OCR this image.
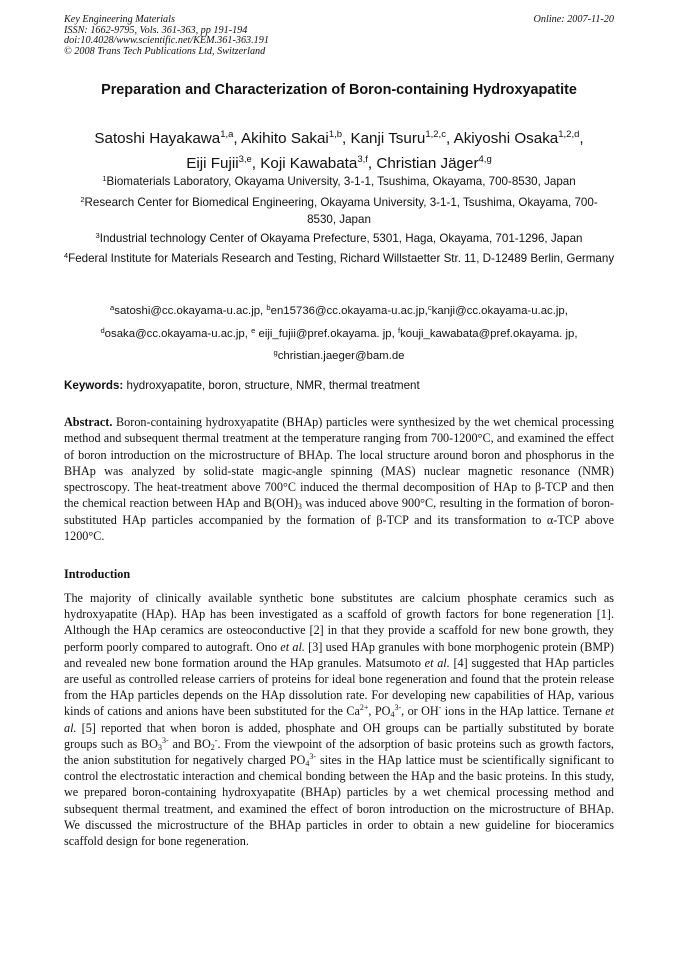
Key Engineering Materials
ISSN: 1662-9795, Vols. 361-363, pp 191-194
doi:10.4028/www.scientific.net/KEM.361-363.191
© 2008 Trans Tech Publications Ltd, Switzerland
Online: 2007-11-20
Preparation and Characterization of Boron-containing Hydroxyapatite
Satoshi Hayakawa$^{1,a}$, Akihito Sakai$^{1,b}$, Kanji Tsuru$^{1,2,c}$, Akiyoshi Osaka$^{1,2,d}$,
Eiji Fujii$^{3,e}$, Koji Kawabata$^{3,f}$, Christian Jäger$^{4,g}$
$^1$Biomaterials Laboratory, Okayama University, 3-1-1, Tsushima, Okayama, 700-8530, Japan
$^2$Research Center for Biomedical Engineering, Okayama University, 3-1-1, Tsushima, Okayama, 700-8530, Japan
$^3$Industrial technology Center of Okayama Prefecture, 5301, Haga, Okayama, 701-1296, Japan
$^4$Federal Institute for Materials Research and Testing, Richard Willstaetter Str. 11, D-12489 Berlin, Germany
$^a$satoshi@cc.okayama-u.ac.jp, $^b$en15736@cc.okayama-u.ac.jp,$^c$kanji@cc.okayama-u.ac.jp,
$^d$osaka@cc.okayama-u.ac.jp, $^e$ eiji_fujii@pref.okayama. jp, $^f$kouji_kawabata@pref.okayama. jp,
$^g$christian.jaeger@bam.de
Keywords: hydroxyapatite, boron, structure, NMR, thermal treatment
Abstract. Boron-containing hydroxyapatite (BHAp) particles were synthesized by the wet chemical processing method and subsequent thermal treatment at the temperature ranging from 700-1200°C, and examined the effect of boron introduction on the microstructure of BHAp. The local structure around boron and phosphorus in the BHAp was analyzed by solid-state magic-angle spinning (MAS) nuclear magnetic resonance (NMR) spectroscopy. The heat-treatment above 700°C induced the thermal decomposition of HAp to β-TCP and then the chemical reaction between HAp and $B(OH)_3$ was induced above 900°C, resulting in the formation of boron-substituted HAp particles accompanied by the formation of β-TCP and its transformation to α-TCP above 1200°C.
Introduction
The majority of clinically available synthetic bone substitutes are calcium phosphate ceramics such as hydroxyapatite (HAp). HAp has been investigated as a scaffold of growth factors for bone regeneration [1]. Although the HAp ceramics are osteoconductive [2] in that they provide a scaffold for new bone growth, they perform poorly compared to autograft. Ono et al. [3] used HAp granules with bone morphogenic protein (BMP) and revealed new bone formation around the HAp granules. Matsumoto et al. [4] suggested that HAp particles are useful as controlled release carriers of proteins for ideal bone regeneration and found that the protein release from the HAp particles depends on the HAp dissolution rate. For developing new capabilities of HAp, various kinds of cations and anions have been substituted for the $Ca^{2+}$, $PO_4^{3-}$, or OH- ions in the HAp lattice. Ternane et al. [5] reported that when boron is added, phosphate and OH groups can be partially substituted by borate groups such as $BO_3^{3-}$ and $BO_2^-$. From the viewpoint of the adsorption of basic proteins such as growth factors, the anion substitution for negatively charged $PO_4^{3-}$ sites in the HAp lattice must be scientifically significant to control the electrostatic interaction and chemical bonding between the HAp and the basic proteins. In this study, we prepared boron-containing hydroxyapatite (BHAp) particles by a wet chemical processing method and subsequent thermal treatment, and examined the effect of boron introduction on the microstructure of BHAp. We discussed the microstructure of the BHAp particles in order to obtain a new guideline for bioceramics scaffold design for bone regeneration.
